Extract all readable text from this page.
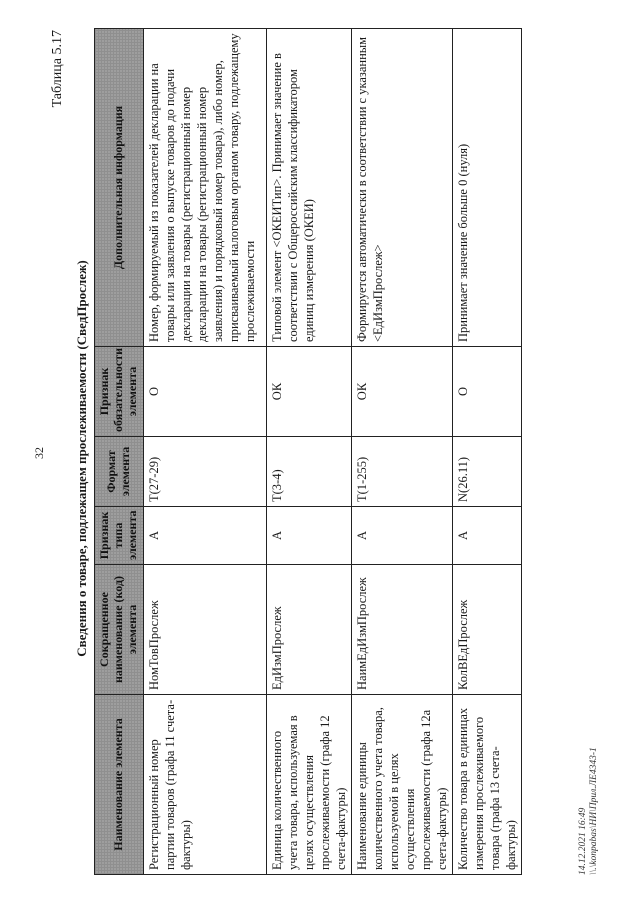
32
Таблица 5.17
Сведения о товаре, подлежащем прослеживаемости (СведПрослеж)
Наименование элемента	Сокращенное наименование (код) элемента	Признак типа элемента	Формат элемента	Признак обязательности элемента	Дополнительная информация
Регистрационный номер партии товаров (графа 11 счета-фактуры)	НомТовПрослеж	А	T(27-29)	О	Номер, формируемый из показателей декларации на товары или заявления о выпуске товаров до подачи декларации на товары (регистрационный номер декларации на товары (регистрационный номер заявления) и порядковый номер товара), либо номер, присваиваемый налоговым органом товару, подлежащему прослеживаемости
Единица количественного учета товара, используемая в целях осуществления прослеживаемости (графа 12 счета-фактуры)	ЕдИзмПрослеж	А	T(3-4)	ОК	Типовой элемент <ОКЕИТип>. Принимает значение в соответствии с Общероссийским классификатором единиц измерения (ОКЕИ)
Наименование единицы количественного учета товара, используемой в целях осуществления прослеживаемости (графа 12а счета-фактуры)	НаимЕдИзмПрослеж	А	T(1-255)	ОК	Формируется автоматически в соответствии с указанным <ЕдИзмПрослеж>
Количество товара в единицах измерения прослеживаемого товара (графа 13 счета-фактуры)	КолВЕдПрослеж	А	N(26.11)	О	Принимает значение больше 0 (нуля)
14.12.2021 16:49 \\.\konpabas\НИ\Прил.ЛЕ4343-1
